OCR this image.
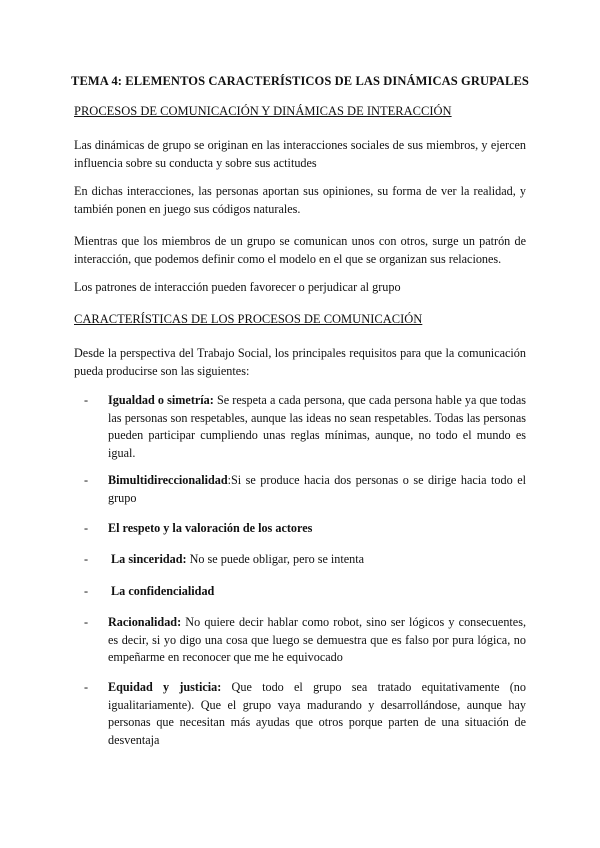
TEMA 4: ELEMENTOS CARACTERÍSTICOS DE LAS DINÁMICAS GRUPALES
PROCESOS DE COMUNICACIÓN Y DINÁMICAS DE INTERACCIÓN
Las dinámicas de grupo se originan en las interacciones sociales de sus miembros, y ejercen influencia sobre su conducta y sobre sus actitudes
En dichas interacciones, las personas aportan sus opiniones, su forma de ver la realidad, y también ponen en juego sus códigos naturales.
Mientras que los miembros de un grupo se comunican unos con otros, surge un patrón de interacción, que podemos definir como el modelo en el que se organizan sus relaciones.
Los patrones de interacción pueden favorecer o perjudicar al grupo
CARACTERÍSTICAS DE LOS PROCESOS DE COMUNICACIÓN
Desde la perspectiva del Trabajo Social, los principales requisitos para que la comunicación pueda producirse son las siguientes:
- Igualdad o simetría: Se respeta a cada persona, que cada persona hable ya que todas las personas son respetables, aunque las ideas no sean respetables. Todas las personas pueden participar cumpliendo unas reglas mínimas, aunque, no todo el mundo es igual.
- Bimultidireccionalidad:Si se produce hacia dos personas o se dirige hacia todo el grupo
- El respeto y la valoración de los actores
- La sinceridad: No se puede obligar, pero se intenta
- La confidencialidad
- Racionalidad: No quiere decir hablar como robot, sino ser lógicos y consecuentes, es decir, si yo digo una cosa que luego se demuestra que es falso por pura lógica, no empeñarme en reconocer que me he equivocado
- Equidad y justicia: Que todo el grupo sea tratado equitativamente (no igualitariamente). Que el grupo vaya madurando y desarrollándose, aunque hay personas que necesitan más ayudas que otros porque parten de una situación de desventaja
